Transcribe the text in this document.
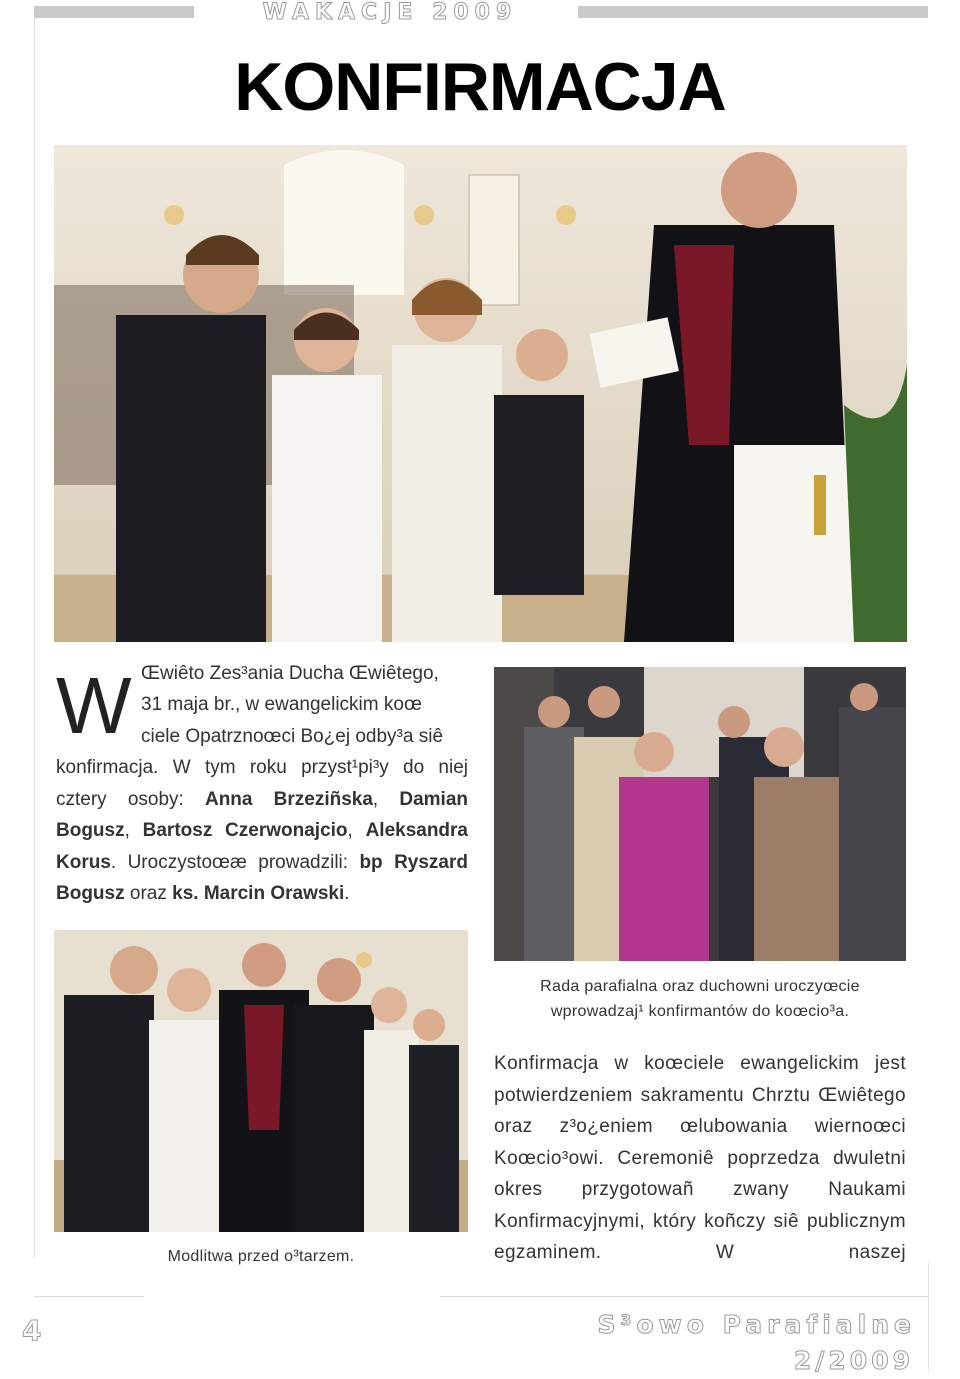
WAKACJE 2009
KONFIRMACJA
W Œwiêto Zes³ania Ducha Œwiêtego,
31 maja br., w ewangelickim koœ
ciele Opatrznoœci Bo¿ej odby³a siê
konfirmacja. W tym roku przyst¹pi³y do niej cztery osoby: Anna Brzeziñska, Damian Bogusz, Bartosz Czerwonajcio, Aleksandra Korus. Uroczystoœæ prowadzili: bp Ryszard Bogusz oraz ks. Marcin Orawski.
Rada parafialna oraz duchowni uroczyœcie
wprowadzaj¹ konfirmantów do koœcio³a.
Modlitwa przed o³tarzem.
Konfirmacja w koœciele ewangelickim jest potwierdzeniem sakramentu Chrztu Œwiêtego oraz z³o¿eniem œlubowania wiernoœci Koœcio³owi. Ceremoniê poprzedza dwuletni okres przygotowañ zwany Naukami Konfirmacyjnymi, który koñczy siê publicznym egzaminem. W naszej
4	S³owo Parafialne
2/2009
